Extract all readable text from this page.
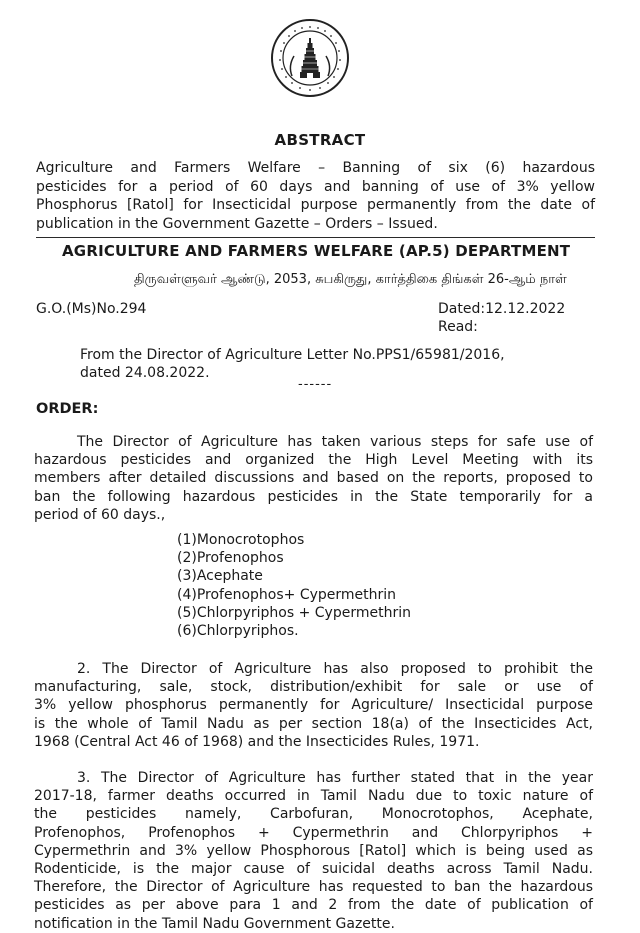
ABSTRACT
Agriculture and Farmers Welfare – Banning of six (6) hazardous
pesticides for a period of 60 days and banning of use of 3% yellow
Phosphorus [Ratol] for Insecticidal purpose permanently from the date of
publication in the Government Gazette – Orders – Issued.
AGRICULTURE AND FARMERS WELFARE (AP.5) DEPARTMENT
திருவள்ளுவர் ஆண்டு, 2053, சுபகிருது, கார்த்திகை திங்கள் 26-ஆம் நாள்
G.O.(Ms)No.294	Dated:12.12.2022
Read:
From the Director of Agriculture Letter No.PPS1/65981/2016,
dated 24.08.2022.
------
ORDER:
The Director of Agriculture has taken various steps for safe use of
hazardous pesticides and organized the High Level Meeting with its
members after detailed discussions and based on the reports, proposed to
ban the following hazardous pesticides in the State temporarily for a
period of 60 days.,
(1)Monocrotophos
(2)Profenophos
(3)Acephate
(4)Profenophos+ Cypermethrin
(5)Chlorpyriphos + Cypermethrin
(6)Chlorpyriphos.
2. The Director of Agriculture has also proposed to prohibit the
manufacturing, sale, stock, distribution/exhibit for sale or use of
3% yellow phosphorus permanently for Agriculture/ Insecticidal purpose
is the whole of Tamil Nadu as per section 18(a) of the Insecticides Act,
1968 (Central Act 46 of 1968) and the Insecticides Rules, 1971.
3. The Director of Agriculture has further stated that in the year
2017-18, farmer deaths occurred in Tamil Nadu due to toxic nature of
the pesticides namely, Carbofuran, Monocrotophos, Acephate,
Profenophos, Profenophos + Cypermethrin and Chlorpyriphos +
Cypermethrin and 3% yellow Phosphorous [Ratol] which is being used as
Rodenticide, is the major cause of suicidal deaths across Tamil Nadu.
Therefore, the Director of Agriculture has requested to ban the hazardous
pesticides as per above para 1 and 2 from the date of publication of
notification in the Tamil Nadu Government Gazette.
